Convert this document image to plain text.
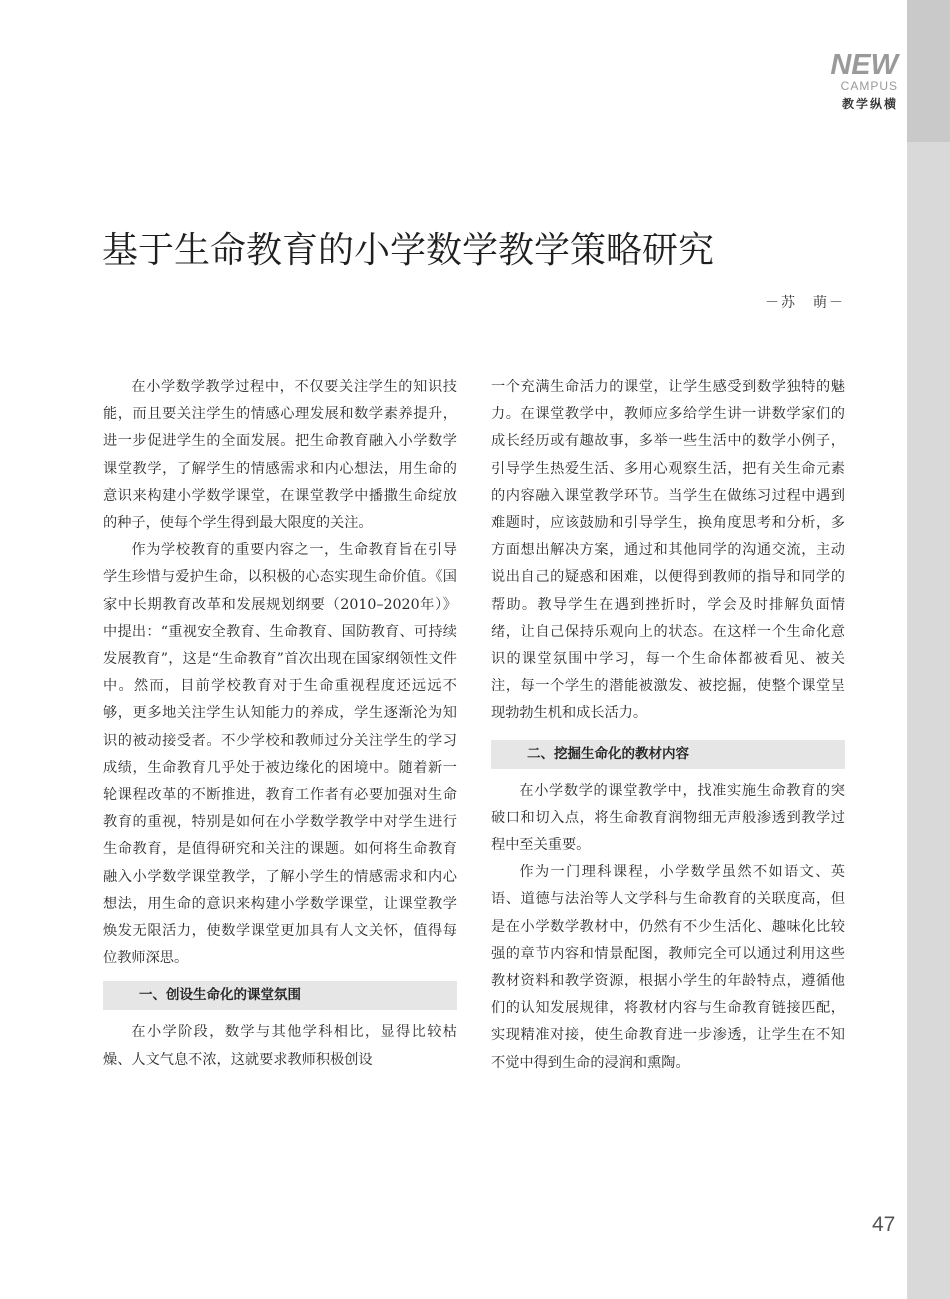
NEW
CAMPUS
教学纵横
基于生命教育的小学数学教学策略研究
－苏　萌－

在小学数学教学过程中，不仅要关注学生的知识技能，而且要关注学生的情感心理发展和数学素养提升，进一步促进学生的全面发展。把生命教育融入小学数学课堂教学，了解学生的情感需求和内心想法，用生命的意识来构建小学数学课堂，在课堂教学中播撒生命绽放的种子，使每个学生得到最大限度的关注。

作为学校教育的重要内容之一，生命教育旨在引导学生珍惜与爱护生命，以积极的心态实现生命价值。《国家中长期教育改革和发展规划纲要（2010–2020年）》中提出：“重视安全教育、生命教育、国防教育、可持续发展教育”，这是“生命教育”首次出现在国家纲领性文件中。然而，目前学校教育对于生命重视程度还远远不够，更多地关注学生认知能力的养成，学生逐渐沦为知识的被动接受者。不少学校和教师过分关注学生的学习成绩，生命教育几乎处于被边缘化的困境中。随着新一轮课程改革的不断推进，教育工作者有必要加强对生命教育的重视，特别是如何在小学数学教学中对学生进行生命教育，是值得研究和关注的课题。如何将生命教育融入小学数学课堂教学，了解小学生的情感需求和内心想法，用生命的意识来构建小学数学课堂，让课堂教学焕发无限活力，使数学课堂更加具有人文关怀，值得每位教师深思。

一、创设生命化的课堂氛围

在小学阶段，数学与其他学科相比，显得比较枯燥、人文气息不浓，这就要求教师积极创设

一个充满生命活力的课堂，让学生感受到数学独特的魅力。在课堂教学中，教师应多给学生讲一讲数学家们的成长经历或有趣故事，多举一些生活中的数学小例子，引导学生热爱生活、多用心观察生活，把有关生命元素的内容融入课堂教学环节。当学生在做练习过程中遇到难题时，应该鼓励和引导学生，换角度思考和分析，多方面想出解决方案，通过和其他同学的沟通交流，主动说出自己的疑惑和困难，以便得到教师的指导和同学的帮助。教导学生在遇到挫折时，学会及时排解负面情绪，让自己保持乐观向上的状态。在这样一个生命化意识的课堂氛围中学习，每一个生命体都被看见、被关注，每一个学生的潜能被激发、被挖掘，使整个课堂呈现勃勃生机和成长活力。

二、挖掘生命化的教材内容

在小学数学的课堂教学中，找准实施生命教育的突破口和切入点，将生命教育润物细无声般渗透到教学过程中至关重要。

作为一门理科课程，小学数学虽然不如语文、英语、道德与法治等人文学科与生命教育的关联度高，但是在小学数学教材中，仍然有不少生活化、趣味化比较强的章节内容和情景配图，教师完全可以通过利用这些教材资料和教学资源，根据小学生的年龄特点，遵循他们的认知发展规律，将教材内容与生命教育链接匹配，实现精准对接，使生命教育进一步渗透，让学生在不知不觉中得到生命的浸润和熏陶。

47
